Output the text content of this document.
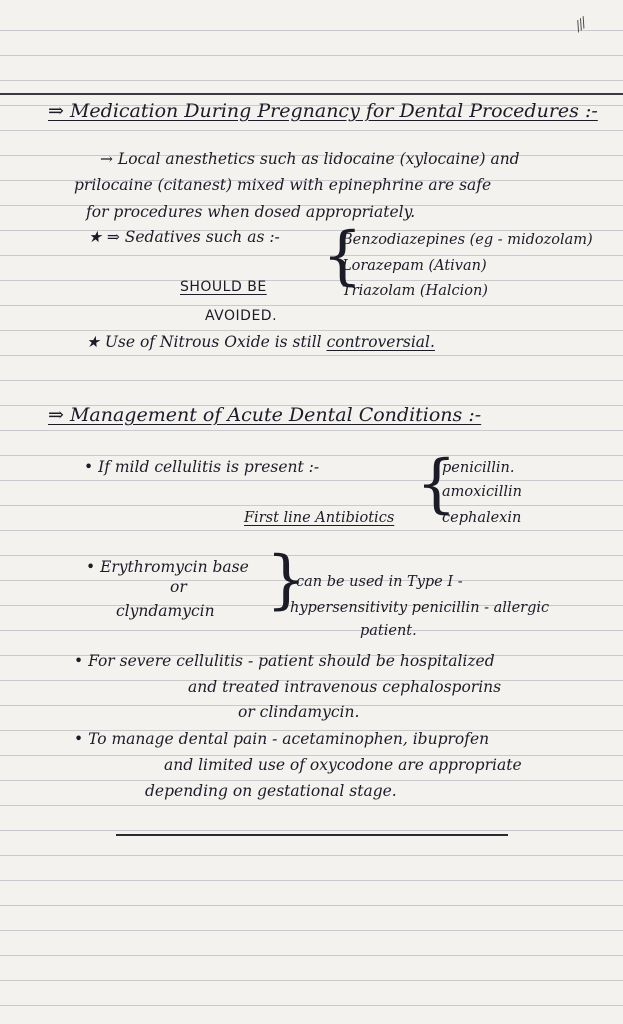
⁄⁄⁄
⇒ Medication During Pregnancy for Dental Procedures :-
→ Local anesthetics such as lidocaine (xylocaine) and
prilocaine (citanest) mixed with epinephrine are safe
for procedures when dosed appropriately.
★ ⇒ Sedatives such as :- {
Benzodiazepines (eg - midozolam)
Lorazepam (Ativan)
Triazolam (Halcion)
SHOULD BE
AVOIDED.
★ Use of Nitrous Oxide is still controversial.
⇒ Management of Acute Dental Conditions :-
• If mild cellulitis is present :- {
penicillin.
amoxicillin
cephalexin
First line Antibiotics
• Erythromycin base
or
clyndamycin {
can be used in Type I -
hypersensitivity penicillin - allergic
patient.
• For severe cellulitis - patient should be hospitalized
and treated intravenous cephalosporins
or clindamycin.
• To manage dental pain - acetaminophen, ibuprofen
and limited use of oxycodone are appropriate
depending on gestational stage.
